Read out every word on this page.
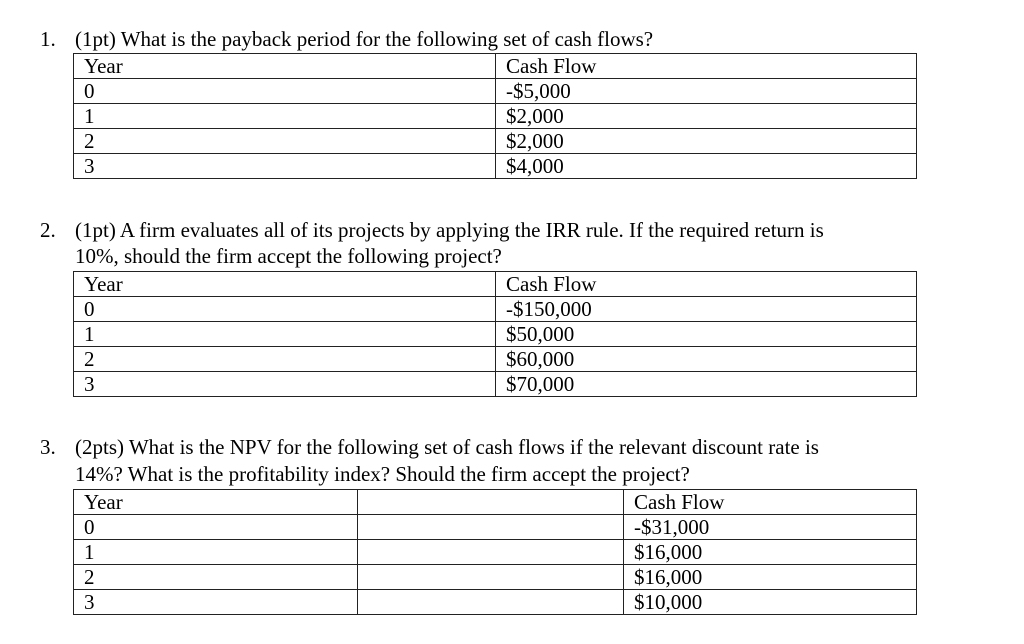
1. (1pt) What is the payback period for the following set of cash flows?
Year	Cash Flow
0	-$5,000
1	$2,000
2	$2,000
3	$4,000
2. (1pt) A firm evaluates all of its projects by applying the IRR rule. If the required return is
10%, should the firm accept the following project?
Year	Cash Flow
0	-$150,000
1	$50,000
2	$60,000
3	$70,000
3. (2pts) What is the NPV for the following set of cash flows if the relevant discount rate is
14%? What is the profitability index? Should the firm accept the project?
Year		Cash Flow
0		-$31,000
1		$16,000
2		$16,000
3		$10,000
